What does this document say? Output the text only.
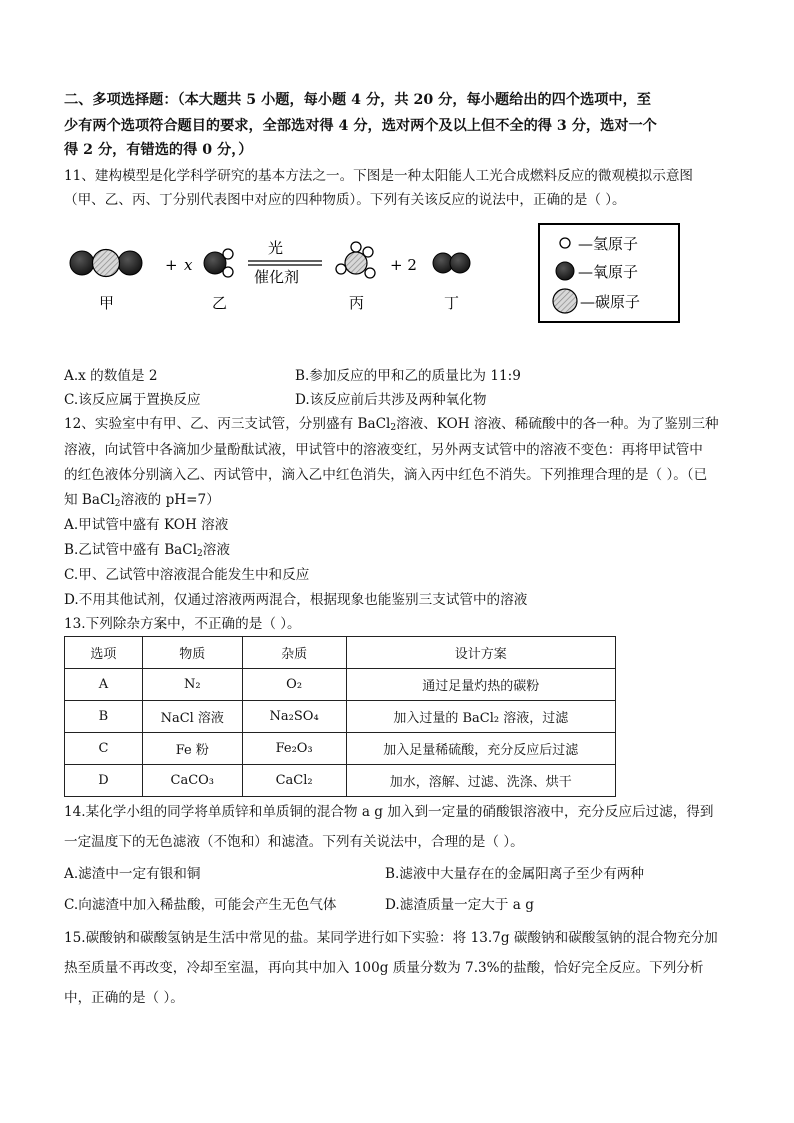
二、多项选择题：（本大题共 5 小题，每小题 4 分，共 20 分，每小题给出的四个选项中，至
少有两个选项符合题目的要求，全部选对得 4 分，选对两个及以上但不全的得 3 分，选对一个
得 2 分，有错选的得 0 分，）
11、建构模型是化学科学研究的基本方法之一。下图是一种太阳能人工光合成燃料反应的微观模拟示意图
（甲、乙、丙、丁分别代表图中对应的四种物质）。下列有关该反应的说法中，正确的是（ ）。
+ x
光
催化剂
+ 2
甲	乙	丙	丁
—氢原子
—氧原子
—碳原子
A.x 的数值是 2	B.参加反应的甲和乙的质量比为 11:9
C.该反应属于置换反应	D.该反应前后共涉及两种氧化物
12、实验室中有甲、乙、丙三支试管，分别盛有 BaCl$_2$溶液、KOH 溶液、稀硫酸中的各一种。为了鉴别三种
溶液，向试管中各滴加少量酚酞试液，甲试管中的溶液变红，另外两支试管中的溶液不变色：再将甲试管中
的红色液体分别滴入乙、丙试管中，滴入乙中红色消失，滴入丙中红色不消失。下列推理合理的是（ ）。（已
知 BaCl$_2$溶液的 pH=7）
A.甲试管中盛有 KOH 溶液
B.乙试管中盛有 BaCl$_2$溶液
C.甲、乙试管中溶液混合能发生中和反应
D.不用其他试剂，仅通过溶液两两混合，根据现象也能鉴别三支试管中的溶液
13.下列除杂方案中，不正确的是（ ）。
选项	物质	杂质	设计方案
A	N₂	O₂	通过足量灼热的碳粉
B	NaCl 溶液	Na₂SO₄	加入过量的 BaCl₂ 溶液，过滤
C	Fe 粉	Fe₂O₃	加入足量稀硫酸，充分反应后过滤
D	CaCO₃	CaCl₂	加水，溶解、过滤、洗涤、烘干
14.某化学小组的同学将单质锌和单质铜的混合物 a g 加入到一定量的硝酸银溶液中，充分反应后过滤，得到
一定温度下的无色滤液（不饱和）和滤渣。下列有关说法中，合理的是（ ）。
A.滤渣中一定有银和铜	B.滤液中大量存在的金属阳离子至少有两种
C.向滤渣中加入稀盐酸，可能会产生无色气体	D.滤渣质量一定大于 a g
15.碳酸钠和碳酸氢钠是生活中常见的盐。某同学进行如下实验：将 13.7g 碳酸钠和碳酸氢钠的混合物充分加
热至质量不再改变，冷却至室温，再向其中加入 100g 质量分数为 7.3%的盐酸，恰好完全反应。下列分析
中，正确的是（ ）。
